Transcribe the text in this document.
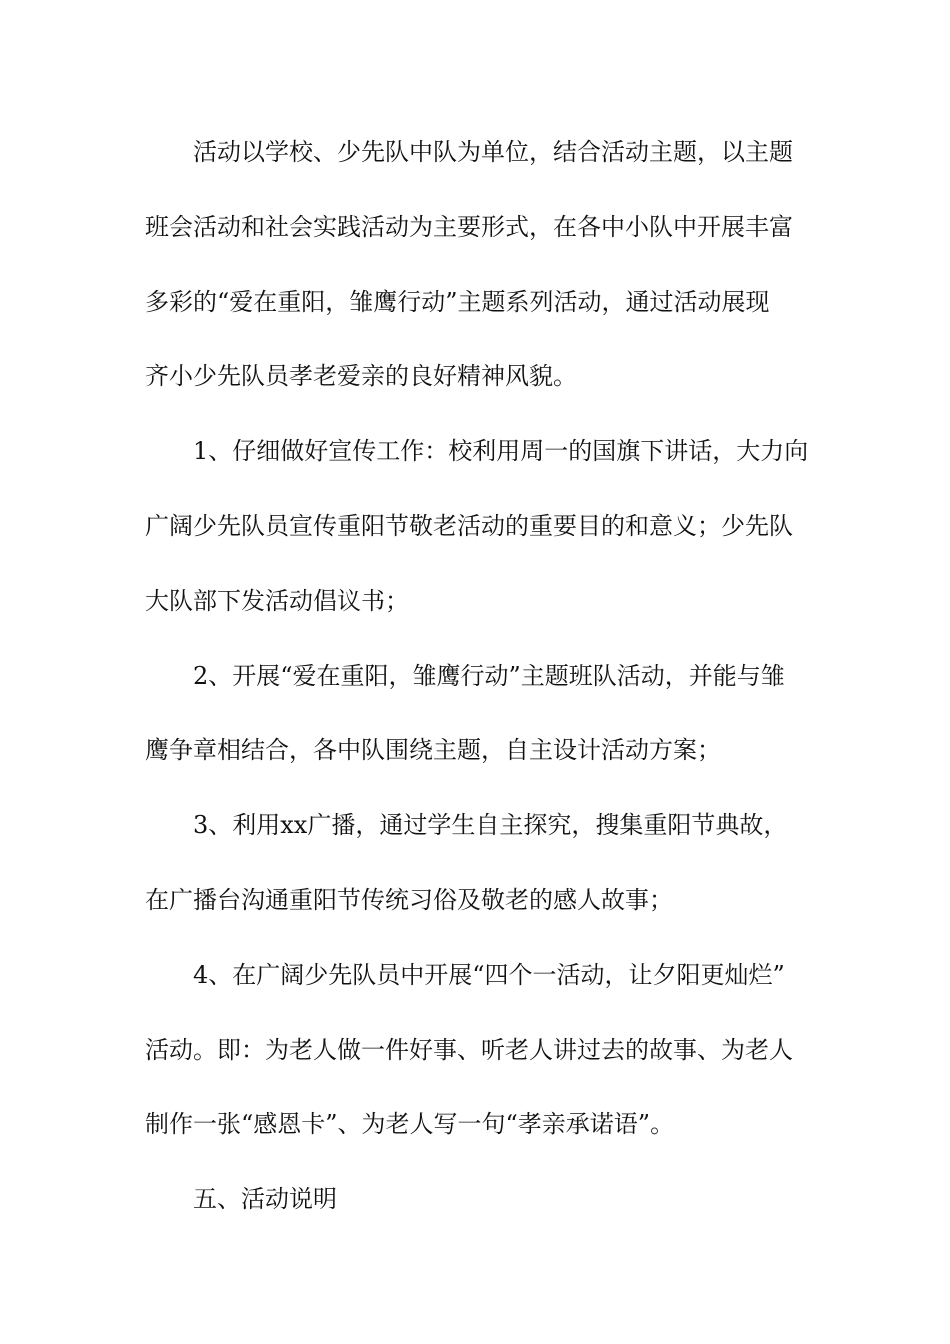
活动以学校、少先队中队为单位，结合活动主题，以主题
班会活动和社会实践活动为主要形式，在各中小队中开展丰富
多彩的“爱在重阳，雏鹰行动”主题系列活动，通过活动展现
齐小少先队员孝老爱亲的良好精神风貌。
1、仔细做好宣传工作：校利用周一的国旗下讲话，大力向
广阔少先队员宣传重阳节敬老活动的重要目的和意义；少先队
大队部下发活动倡议书；
2、开展“爱在重阳，雏鹰行动”主题班队活动，并能与雏
鹰争章相结合，各中队围绕主题，自主设计活动方案；
3、利用xx广播，通过学生自主探究，搜集重阳节典故，
在广播台沟通重阳节传统习俗及敬老的感人故事；
4、在广阔少先队员中开展“四个一活动，让夕阳更灿烂”
活动。即：为老人做一件好事、听老人讲过去的故事、为老人
制作一张“感恩卡”、为老人写一句“孝亲承诺语”。
五、活动说明
